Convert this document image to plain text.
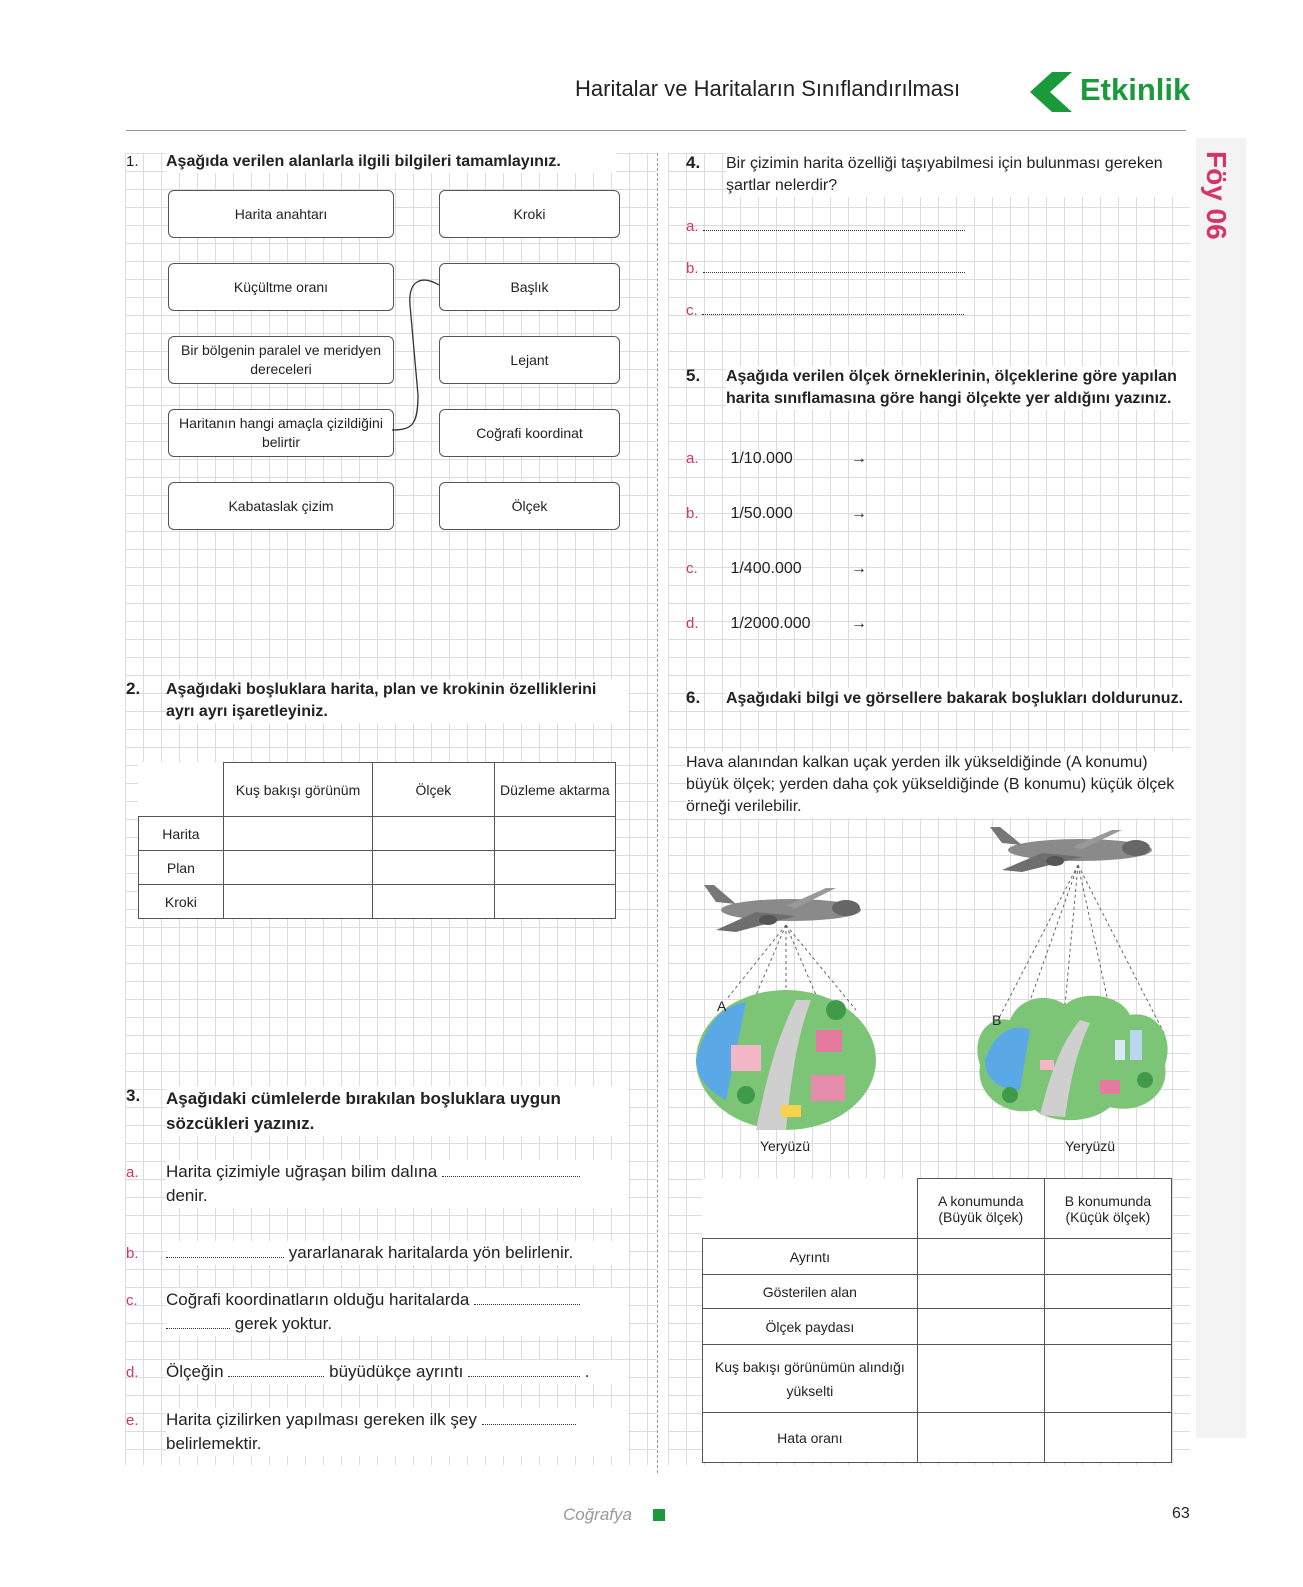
Haritalar ve Haritaların Sınıflandırılması	Etkinlik
Föy 06
1. Aşağıda verilen alanlarla ilgili bilgileri tamamlayınız.
Harita anahtarı
Küçültme oranı
Bir bölgenin paralel ve meridyen dereceleri
Haritanın hangi amaçla çizildiğini belirtir
Kabataslak çizim
Kroki
Başlık
Lejant
Coğrafi koordinat
Ölçek
2. Aşağıdaki boşluklara harita, plan ve krokinin özelliklerini ayrı ayrı işaretleyiniz.
	Kuş bakışı görünüm	Ölçek	Düzleme aktarma
Harita			
Plan			
Kroki			
3. Aşağıdaki cümlelerde bırakılan boşluklara uygun sözcükleri yazınız.
a. Harita çizimiyle uğraşan bilim dalına
denir.
b.	yararlanarak haritalarda yön belirlenir.
c. Coğrafi koordinatların olduğu haritalarda
gerek yoktur.
d. Ölçeğin	büyüdükçe ayrıntı	.
e. Harita çizilirken yapılması gereken ilk şey
belirlemektir.
4. Bir çizimin harita özelliği taşıyabilmesi için bulunması gereken şartlar nelerdir?
a.
b.
c.
5. Aşağıda verilen ölçek örneklerinin, ölçeklerine göre yapılan harita sınıflamasına göre hangi ölçekte yer aldığını yazınız.
a. 1/10.000	→
b. 1/50.000	→
c. 1/400.000	→
d. 1/2000.000	→
6. Aşağıdaki bilgi ve görsellere bakarak boşlukları doldurunuz.
Hava alanından kalkan uçak yerden ilk yükseldiğinde (A konumu) büyük ölçek; yerden daha çok yükseldiğinde (B konumu) küçük ölçek örneği verilebilir.
A
Yeryüzü
B
Yeryüzü
	A konumunda (Büyük ölçek)	B konumunda (Küçük ölçek)
Ayrıntı		
Gösterilen alan		
Ölçek paydası		
Kuş bakışı görünümün alındığı yükselti		
Hata oranı		
Coğrafya	63
